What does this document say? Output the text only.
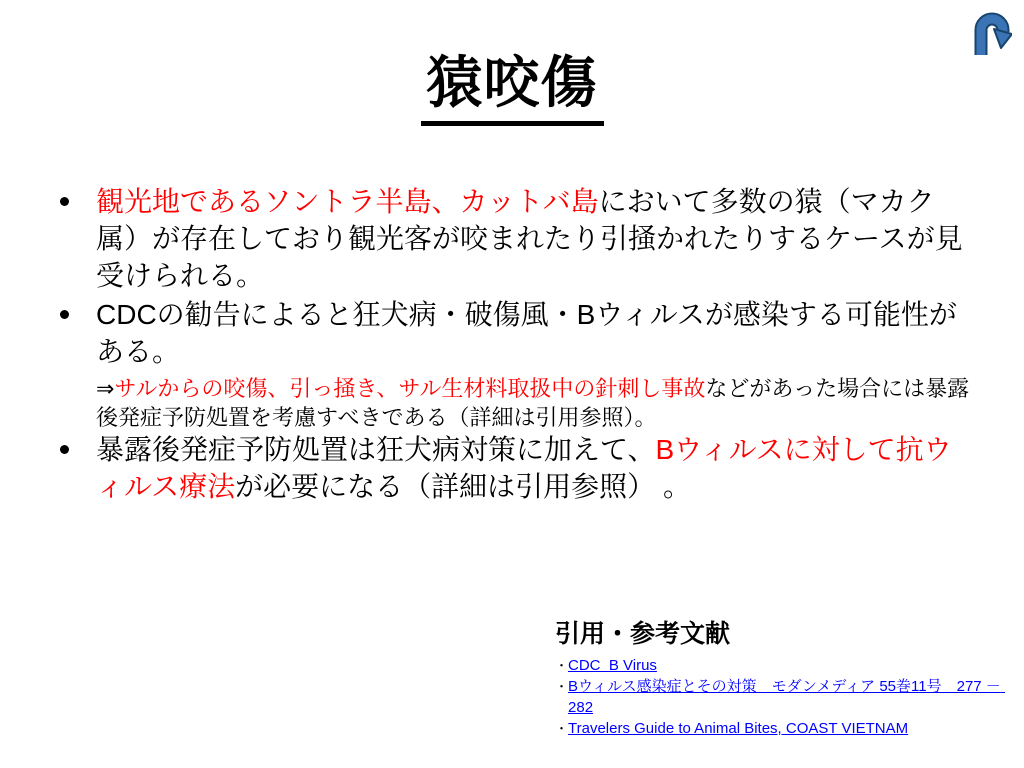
猿咬傷
観光地であるソントラ半島、カットバ島において多数の猿（マカク属）が存在しており観光客が咬まれたり引掻かれたりするケースが見受けられる。
CDCの勧告によると狂犬病・破傷風・Bウィルスが感染する可能性がある。
⇒サルからの咬傷、引っ掻き、サル生材料取扱中の針刺し事故などがあった場合には暴露後発症予防処置を考慮すべきである（詳細は引用参照）。
暴露後発症予防処置は狂犬病対策に加えて、Bウィルスに対して抗ウィルス療法が必要になる（詳細は引用参照） 。
引用・参考文献
・ CDC  B Virus
・ Bウィルス感染症とその対策　モダンメディア 55巻11号　277 － 282
・ Travelers Guide to Animal Bites, COAST VIETNAM
